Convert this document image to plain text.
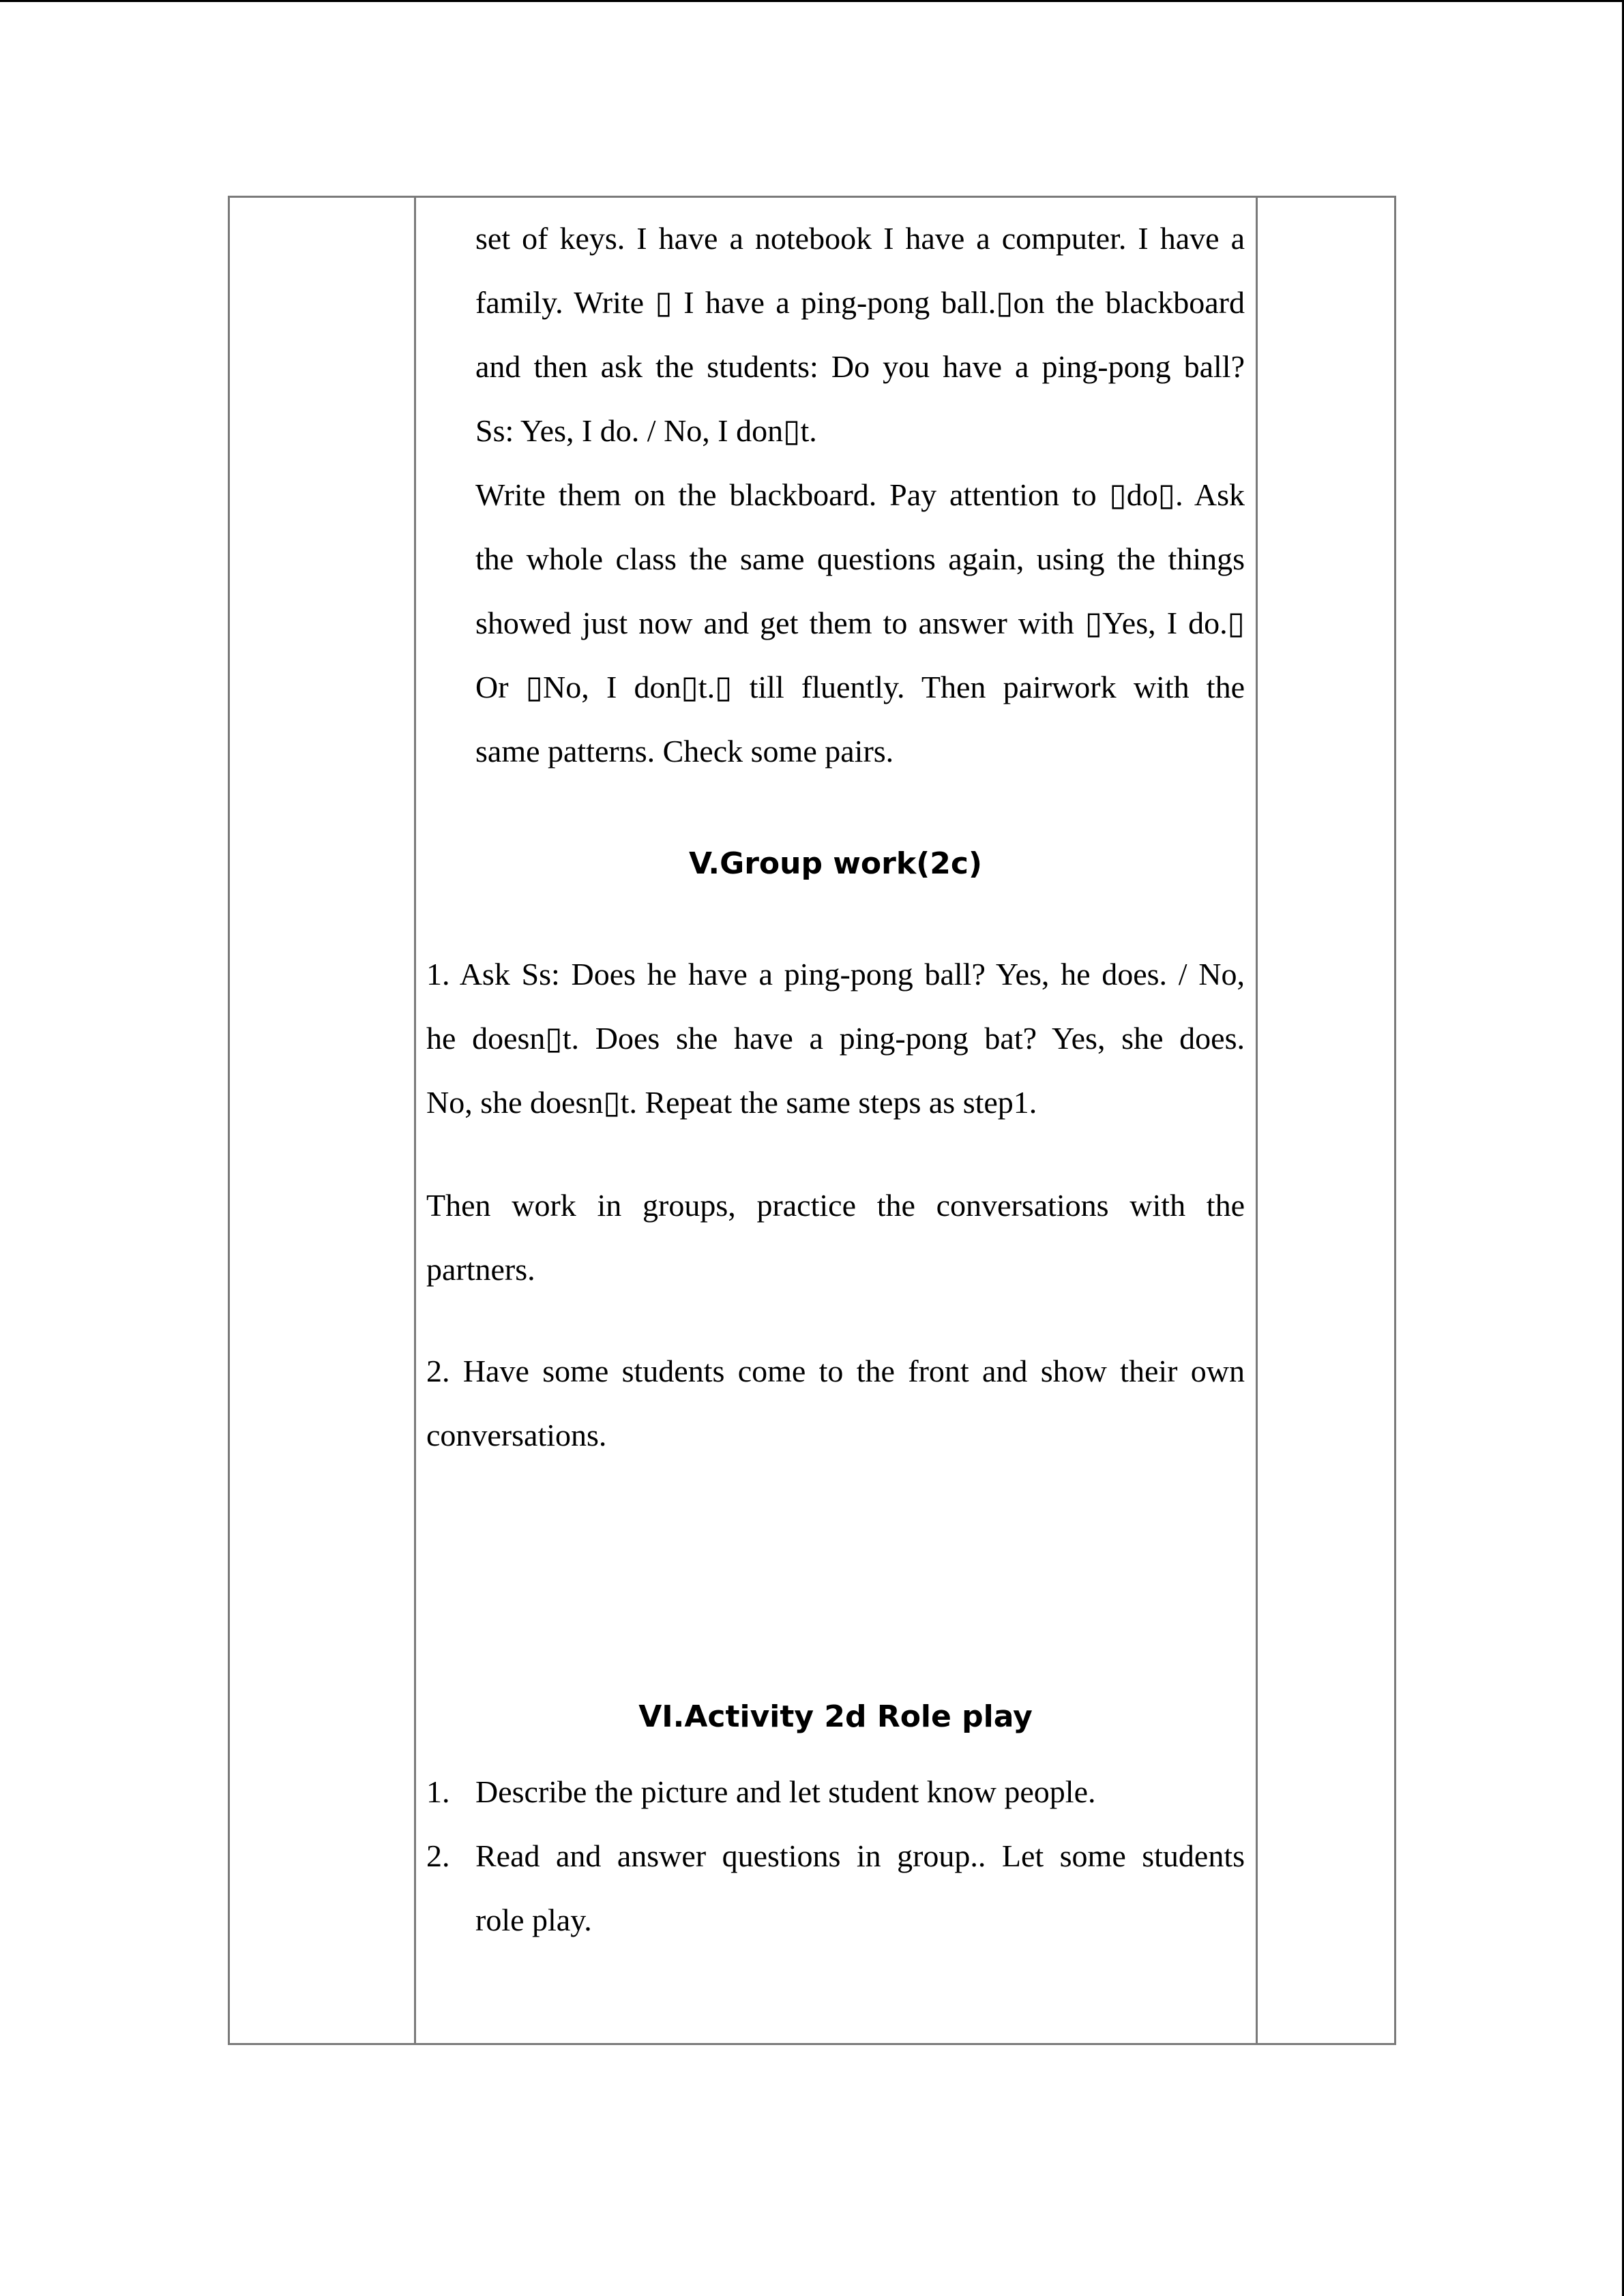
set of keys. I have a notebook I have a computer. I have a
family. Write ▯ I have a ping-pong ball.▯on the blackboard
and then ask the students: Do you have a ping-pong ball?
Ss: Yes, I do. / No, I don▯t.
Write them on the blackboard. Pay attention to ▯do▯. Ask
the whole class the same questions again, using the things
showed just now and get them to answer with ▯Yes, I do.▯
Or ▯No, I don▯t.▯ till fluently. Then pairwork with the
same patterns. Check some pairs.
V.Group work(2c)
1. Ask Ss: Does he have a ping-pong ball? Yes, he does. / No,
he doesn▯t. Does she have a ping-pong bat? Yes, she does.
No, she doesn▯t. Repeat the same steps as step1.
Then work in groups, practice the conversations with the
partners.
2. Have some students come to the front and show their own
conversations.
VI.Activity 2d Role play
1. Describe the picture and let student know people.
2. Read and answer questions in group.. Let some students
role play.
